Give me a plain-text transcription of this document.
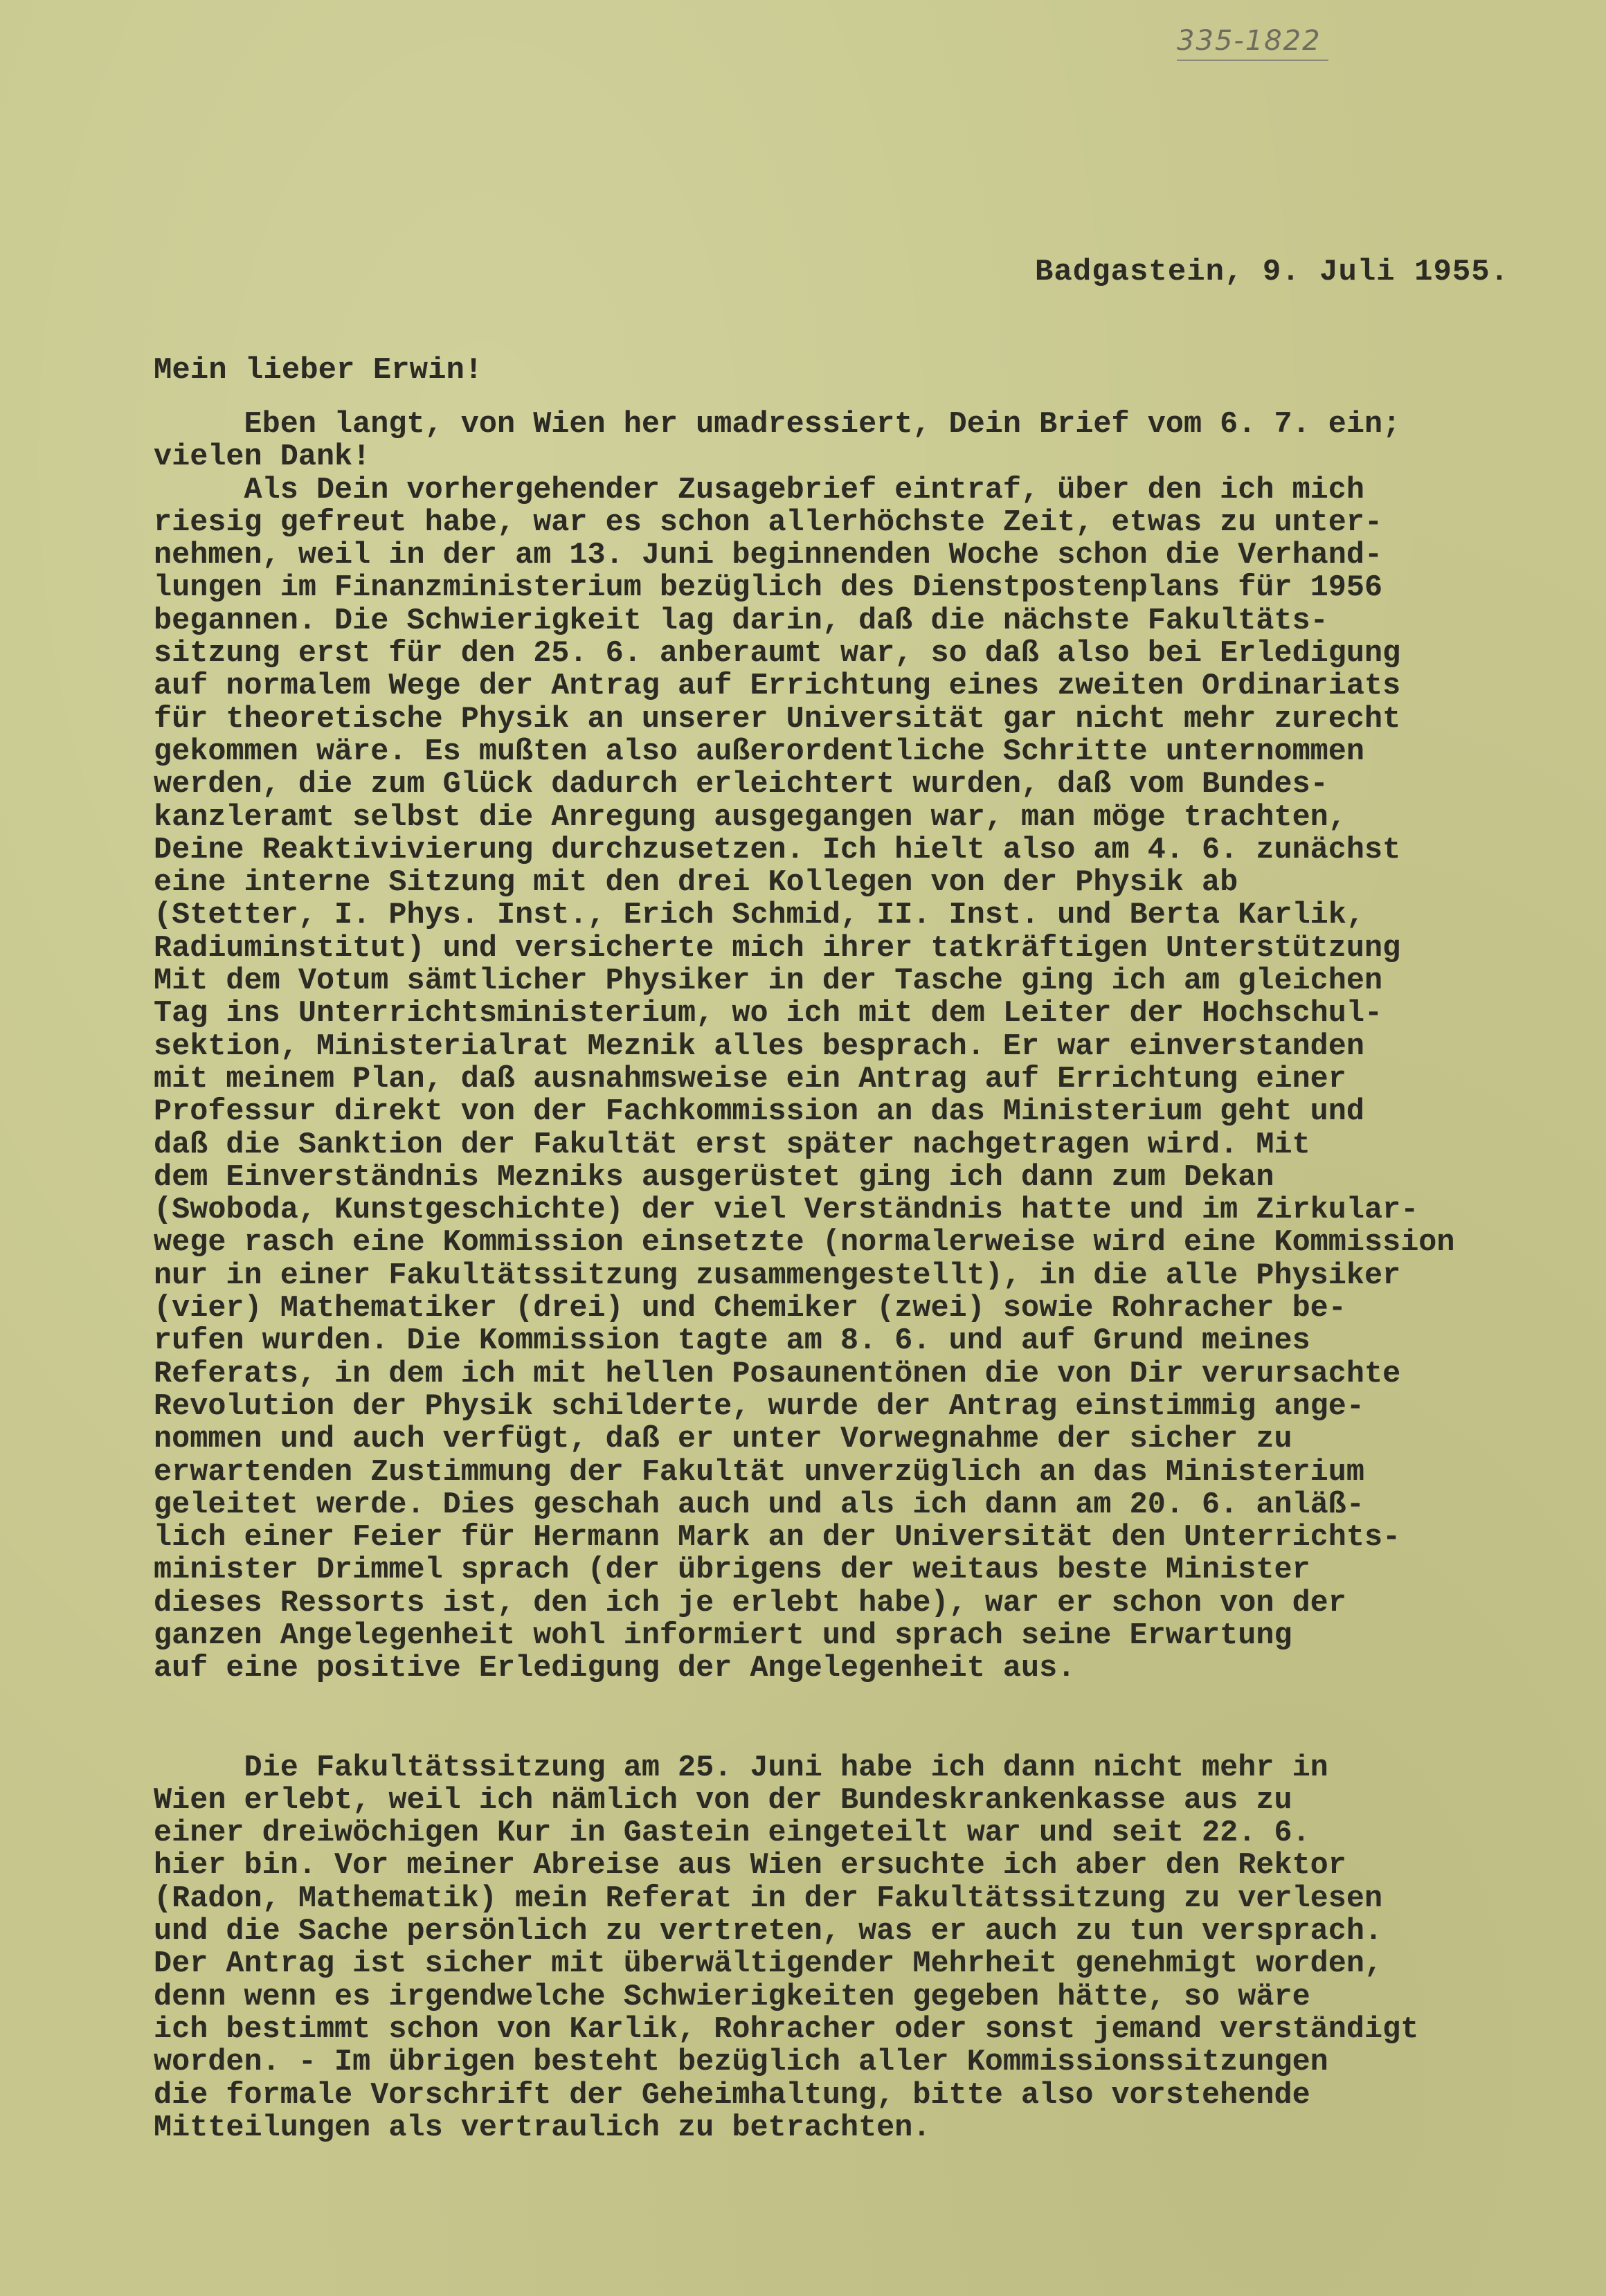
335-1822
Badgastein, 9. Juli 1955.
Mein lieber Erwin!
Eben langt, von Wien her umadressiert, Dein Brief vom 6. 7. ein;
vielen Dank!
Als Dein vorhergehender Zusagebrief eintraf, über den ich mich
riesig gefreut habe, war es schon allerhöchste Zeit, etwas zu unter-
nehmen, weil in der am 13. Juni beginnenden Woche schon die Verhand-
lungen im Finanzministerium bezüglich des Dienstpostenplans für 1956
begannen. Die Schwierigkeit lag darin, daß die nächste Fakultäts-
sitzung erst für den 25. 6. anberaumt war, so daß also bei Erledigung
auf normalem Wege der Antrag auf Errichtung eines zweiten Ordinariats
für theoretische Physik an unserer Universität gar nicht mehr zurecht
gekommen wäre. Es mußten also außerordentliche Schritte unternommen
werden, die zum Glück dadurch erleichtert wurden, daß vom Bundes-
kanzleramt selbst die Anregung ausgegangen war, man möge trachten,
Deine Reaktivivierung durchzusetzen. Ich hielt also am 4. 6. zunächst
eine interne Sitzung mit den drei Kollegen von der Physik ab
(Stetter, I. Phys. Inst., Erich Schmid, II. Inst. und Berta Karlik,
Radiuminstitut) und versicherte mich ihrer tatkräftigen Unterstützung
Mit dem Votum sämtlicher Physiker in der Tasche ging ich am gleichen
Tag ins Unterrichtsministerium, wo ich mit dem Leiter der Hochschul-
sektion, Ministerialrat Meznik alles besprach. Er war einverstanden
mit meinem Plan, daß ausnahmsweise ein Antrag auf Errichtung einer
Professur direkt von der Fachkommission an das Ministerium geht und
daß die Sanktion der Fakultät erst später nachgetragen wird. Mit
dem Einverständnis Mezniks ausgerüstet ging ich dann zum Dekan
(Swoboda, Kunstgeschichte) der viel Verständnis hatte und im Zirkular-
wege rasch eine Kommission einsetzte (normalerweise wird eine Kommission
nur in einer Fakultätssitzung zusammengestellt), in die alle Physiker
(vier) Mathematiker (drei) und Chemiker (zwei) sowie Rohracher be-
rufen wurden. Die Kommission tagte am 8. 6. und auf Grund meines
Referats, in dem ich mit hellen Posaunentönen die von Dir verursachte
Revolution der Physik schilderte, wurde der Antrag einstimmig ange-
nommen und auch verfügt, daß er unter Vorwegnahme der sicher zu
erwartenden Zustimmung der Fakultät unverzüglich an das Ministerium
geleitet werde. Dies geschah auch und als ich dann am 20. 6. anläß-
lich einer Feier für Hermann Mark an der Universität den Unterrichts-
minister Drimmel sprach (der übrigens der weitaus beste Minister
dieses Ressorts ist, den ich je erlebt habe), war er schon von der
ganzen Angelegenheit wohl informiert und sprach seine Erwartung
auf eine positive Erledigung der Angelegenheit aus.
Die Fakultätssitzung am 25. Juni habe ich dann nicht mehr in
Wien erlebt, weil ich nämlich von der Bundeskrankenkasse aus zu
einer dreiwöchigen Kur in Gastein eingeteilt war und seit 22. 6.
hier bin. Vor meiner Abreise aus Wien ersuchte ich aber den Rektor
(Radon, Mathematik) mein Referat in der Fakultätssitzung zu verlesen
und die Sache persönlich zu vertreten, was er auch zu tun versprach.
Der Antrag ist sicher mit überwältigender Mehrheit genehmigt worden,
denn wenn es irgendwelche Schwierigkeiten gegeben hätte, so wäre
ich bestimmt schon von Karlik, Rohracher oder sonst jemand verständigt
worden. - Im übrigen besteht bezüglich aller Kommissionssitzungen
die formale Vorschrift der Geheimhaltung, bitte also vorstehende
Mitteilungen als vertraulich zu betrachten.
